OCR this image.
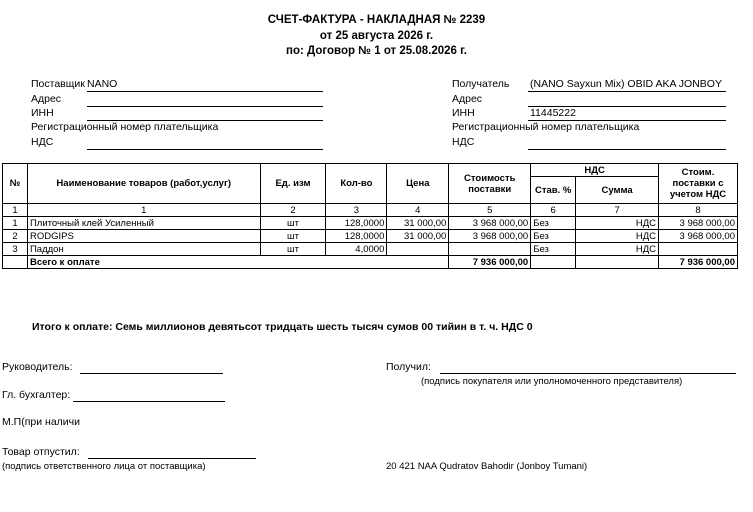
СЧЕТ-ФАКТУРА - НАКЛАДНАЯ № 2239
от 25 августа 2026 г.
по: Договор № 1 от 25.08.2026 г.
Поставщик NANO
Адрес
ИНН
Регистрационный номер плательщика
НДС
Получатель (NANO Sayxun Mix) OBID AKA JONBOY
Адрес
ИНН	11445222
Регистрационный номер плательщика
НДС
№	Наименование товаров (работ,услуг)	Ед. изм	Кол-во	Цена	Стоимость поставки	НДС		Стоим. поставки с учетом НДС
						Став. %	Сумма	
1	1	2	3	4	5	6	7	8
1	Плиточный клей Усиленный	шт	128,0000	31 000,00	3 968 000,00	Без	НДС	3 968 000,00
2	RODGIPS	шт	128,0000	31 000,00	3 968 000,00	Без	НДС	3 968 000,00
3	Паддон	шт	4,0000			Без	НДС	
	Всего к оплате				7 936 000,00			7 936 000,00
Итого к оплате: Семь миллионов девятьсот тридцать шесть тысяч сумов 00 тийин в т. ч. НДС 0
Руководитель:	Получил:
(подпись покупателя или уполномоченного представителя)
Гл. бухгалтер:
М.П(при наличи
Товар отпустил:
(подпись ответственного лица от поставщика)	20 421 NAA Qudratov Bahodir (Jonboy Tumani)
